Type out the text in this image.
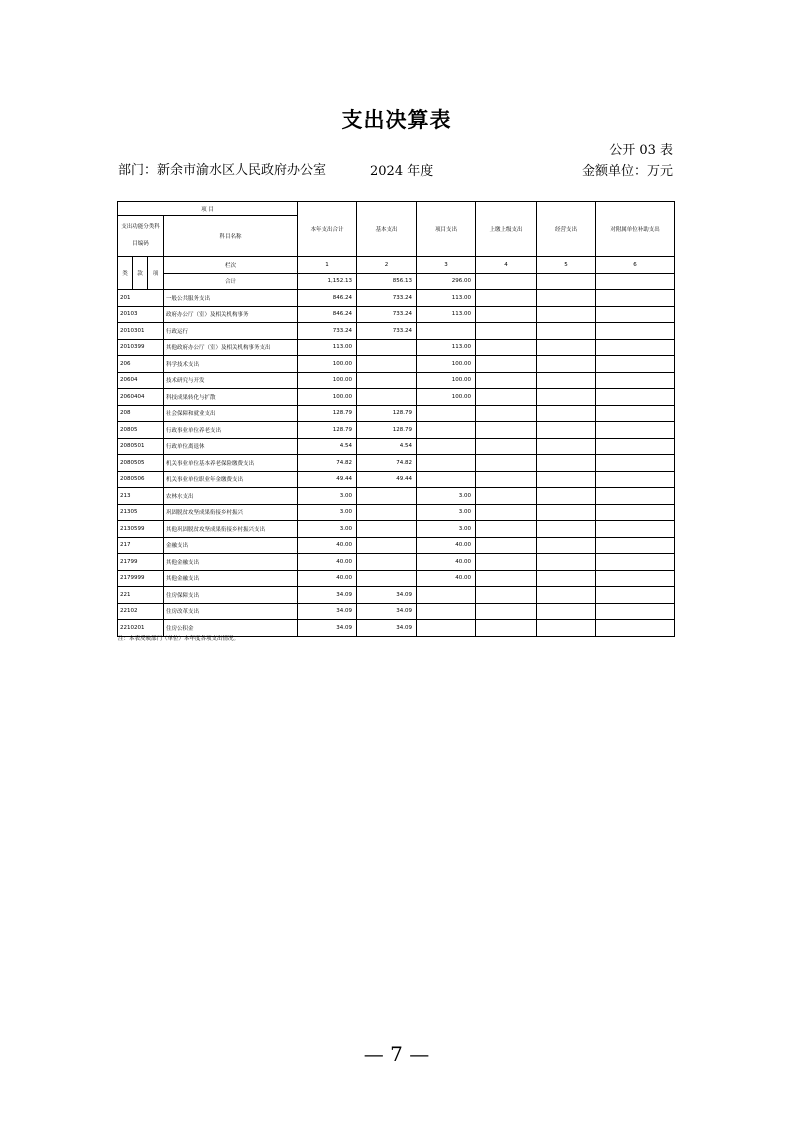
支出决算表
公开 03 表
部门：新余市渝水区人民政府办公室	2024 年度	金额单位：万元
项 目				本年支出合计	基本支出	项目支出	上缴上级支出	经营支出	对附属单位补助支出
支出功能分类科目编码			科目名称						

类	款	项	栏次	1	2	3	4	5	6
			合计	1,152.13	856.13	296.00			
201			一般公共服务支出	846.24	733.24	113.00			
20103			政府办公厅（室）及相关机构事务	846.24	733.24	113.00			
2010301			行政运行	733.24	733.24				
2010399			其他政府办公厅（室）及相关机构事务支出	113.00		113.00			
206			科学技术支出	100.00		100.00			
20604			技术研究与开发	100.00		100.00			
2060404			科技成果转化与扩散	100.00		100.00			
208			社会保障和就业支出	128.79	128.79				
20805			行政事业单位养老支出	128.79	128.79				
2080501			行政单位离退休	4.54	4.54				
2080505			机关事业单位基本养老保险缴费支出	74.82	74.82				
2080506			机关事业单位职业年金缴费支出	49.44	49.44				
213			农林水支出	3.00		3.00			
21305			巩固脱贫攻坚成果衔接乡村振兴	3.00		3.00			
2130599			其他巩固脱贫攻坚成果衔接乡村振兴支出	3.00		3.00			
217			金融支出	40.00		40.00			
21799			其他金融支出	40.00		40.00			
2179999			其他金融支出	40.00		40.00			
221			住房保障支出	34.09	34.09				
22102			住房改革支出	34.09	34.09				
2210201			住房公积金	34.09	34.09				
注：本表反映部门（单位）本年度各项支出情况。
— 7 —
